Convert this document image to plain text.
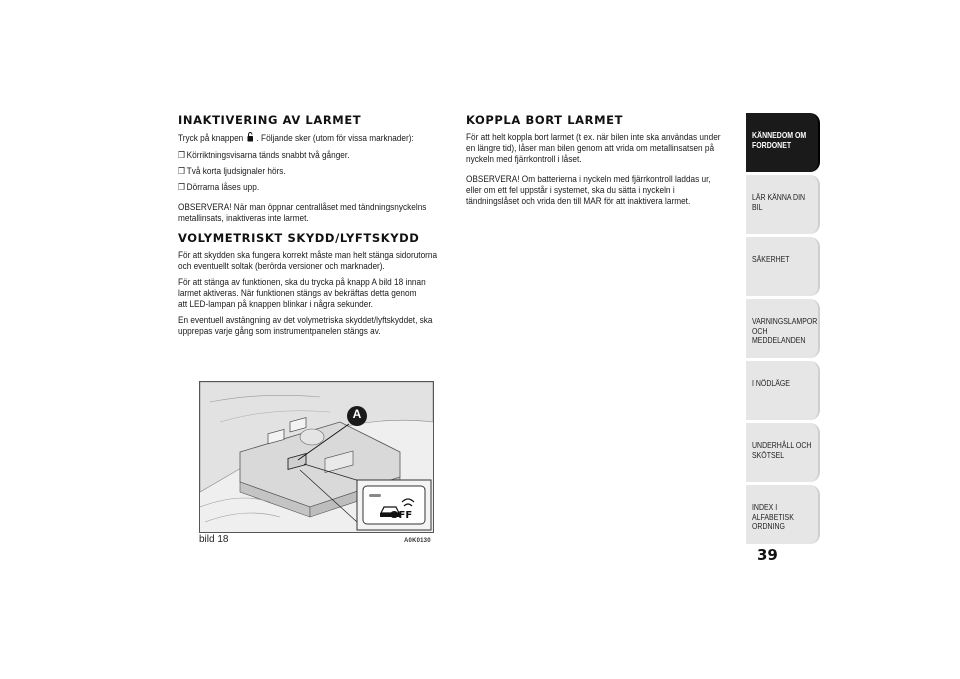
INAKTIVERING AV LARMET

Tryck på knappen . Följande sker (utom för vissa marknader):

❒ Körriktningsvisarna tänds snabbt två gånger.
❒ Två korta ljudsignaler hörs.
❒ Dörrarna låses upp.

OBSERVERA! När man öppnar centrallåset med tändningsnyckelns
metallinsats, inaktiveras inte larmet.

VOLYMETRISKT SKYDD/LYFTSKYDD

För att skydden ska fungera korrekt måste man helt stänga sidorutorna
och eventuellt soltak (berörda versioner och marknader).

För att stänga av funktionen, ska du trycka på knapp A bild 18 innan
larmet aktiveras. När funktionen stängs av bekräftas detta genom
att LED-lampan på knappen blinkar i några sekunder.

En eventuell avstängning av det volymetriska skyddet/lyftskyddet, ska
upprepas varje gång som instrumentpanelen stängs av.

KOPPLA BORT LARMET

För att helt koppla bort larmet (t ex. när bilen inte ska användas under
en längre tid), låser man bilen genom att vrida om metallinsatsen på
nyckeln med fjärrkontroll i låset.

OBSERVERA! Om batterierna i nyckeln med fjärrkontroll laddas ur,
eller om ett fel uppstår i systemet, ska du sätta i nyckeln i
tändningslåset och vrida den till MAR för att inaktivera larmet.

A
OFF
bild 18	A0K0130
KÄNNEDOM OM
FORDONET
LÄR KÄNNA DIN BIL
SÄKERHET
VARNINGSLAMPOR
OCH MEDDELANDEN
I NÖDLÄGE
UNDERHÅLL OCH
SKÖTSEL
INDEX I ALFABETISK
ORDNING
39
